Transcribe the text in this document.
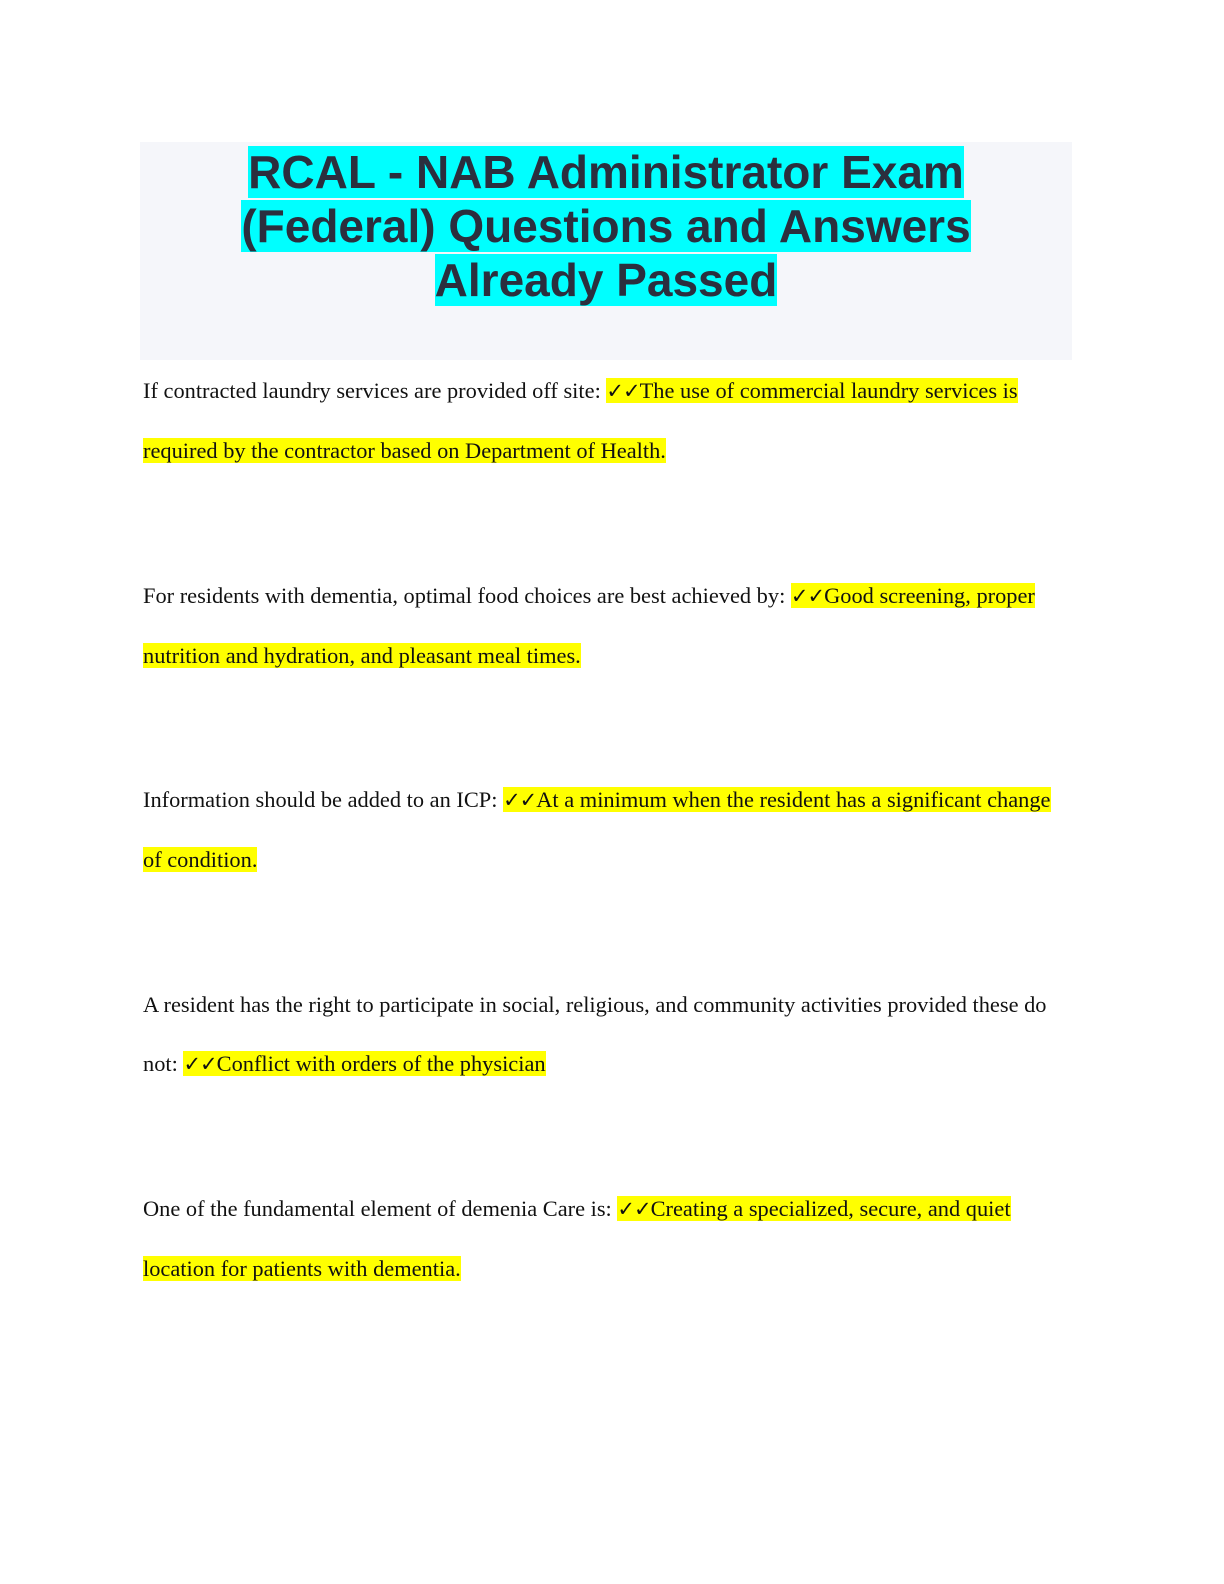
RCAL - NAB Administrator Exam
(Federal) Questions and Answers
Already Passed

If contracted laundry services are provided off site: ✓✓The use of commercial laundry services is required by the contractor based on Department of Health.

For residents with dementia, optimal food choices are best achieved by: ✓✓Good screening, proper nutrition and hydration, and pleasant meal times.

Information should be added to an ICP: ✓✓At a minimum when the resident has a significant change of condition.

A resident has the right to participate in social, religious, and community activities provided these do not: ✓✓Conflict with orders of the physician

One of the fundamental element of demenia Care is: ✓✓Creating a specialized, secure, and quiet location for patients with dementia.
